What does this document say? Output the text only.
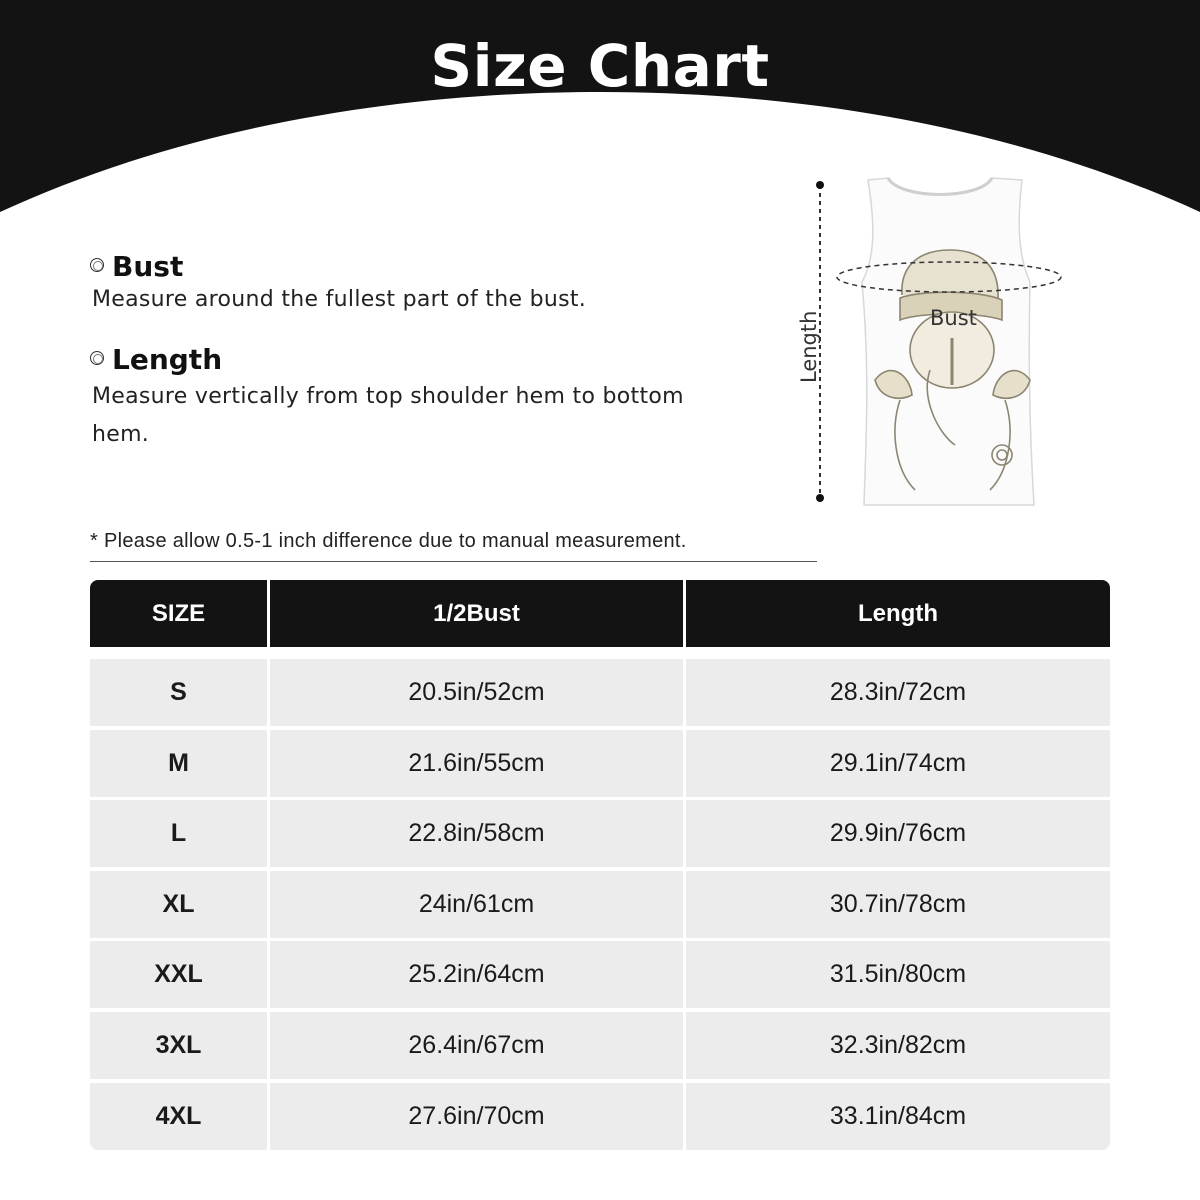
Size Chart
Bust
Measure around the fullest part of the bust.
Length
Measure vertically from top shoulder hem to bottom hem.
* Please allow 0.5-1 inch difference due to manual measurement.
Bust
Length
SIZE	1/2Bust	Length
S	20.5in/52cm	28.3in/72cm
M	21.6in/55cm	29.1in/74cm
L	22.8in/58cm	29.9in/76cm
XL	24in/61cm	30.7in/78cm
XXL	25.2in/64cm	31.5in/80cm
3XL	26.4in/67cm	32.3in/82cm
4XL	27.6in/70cm	33.1in/84cm
